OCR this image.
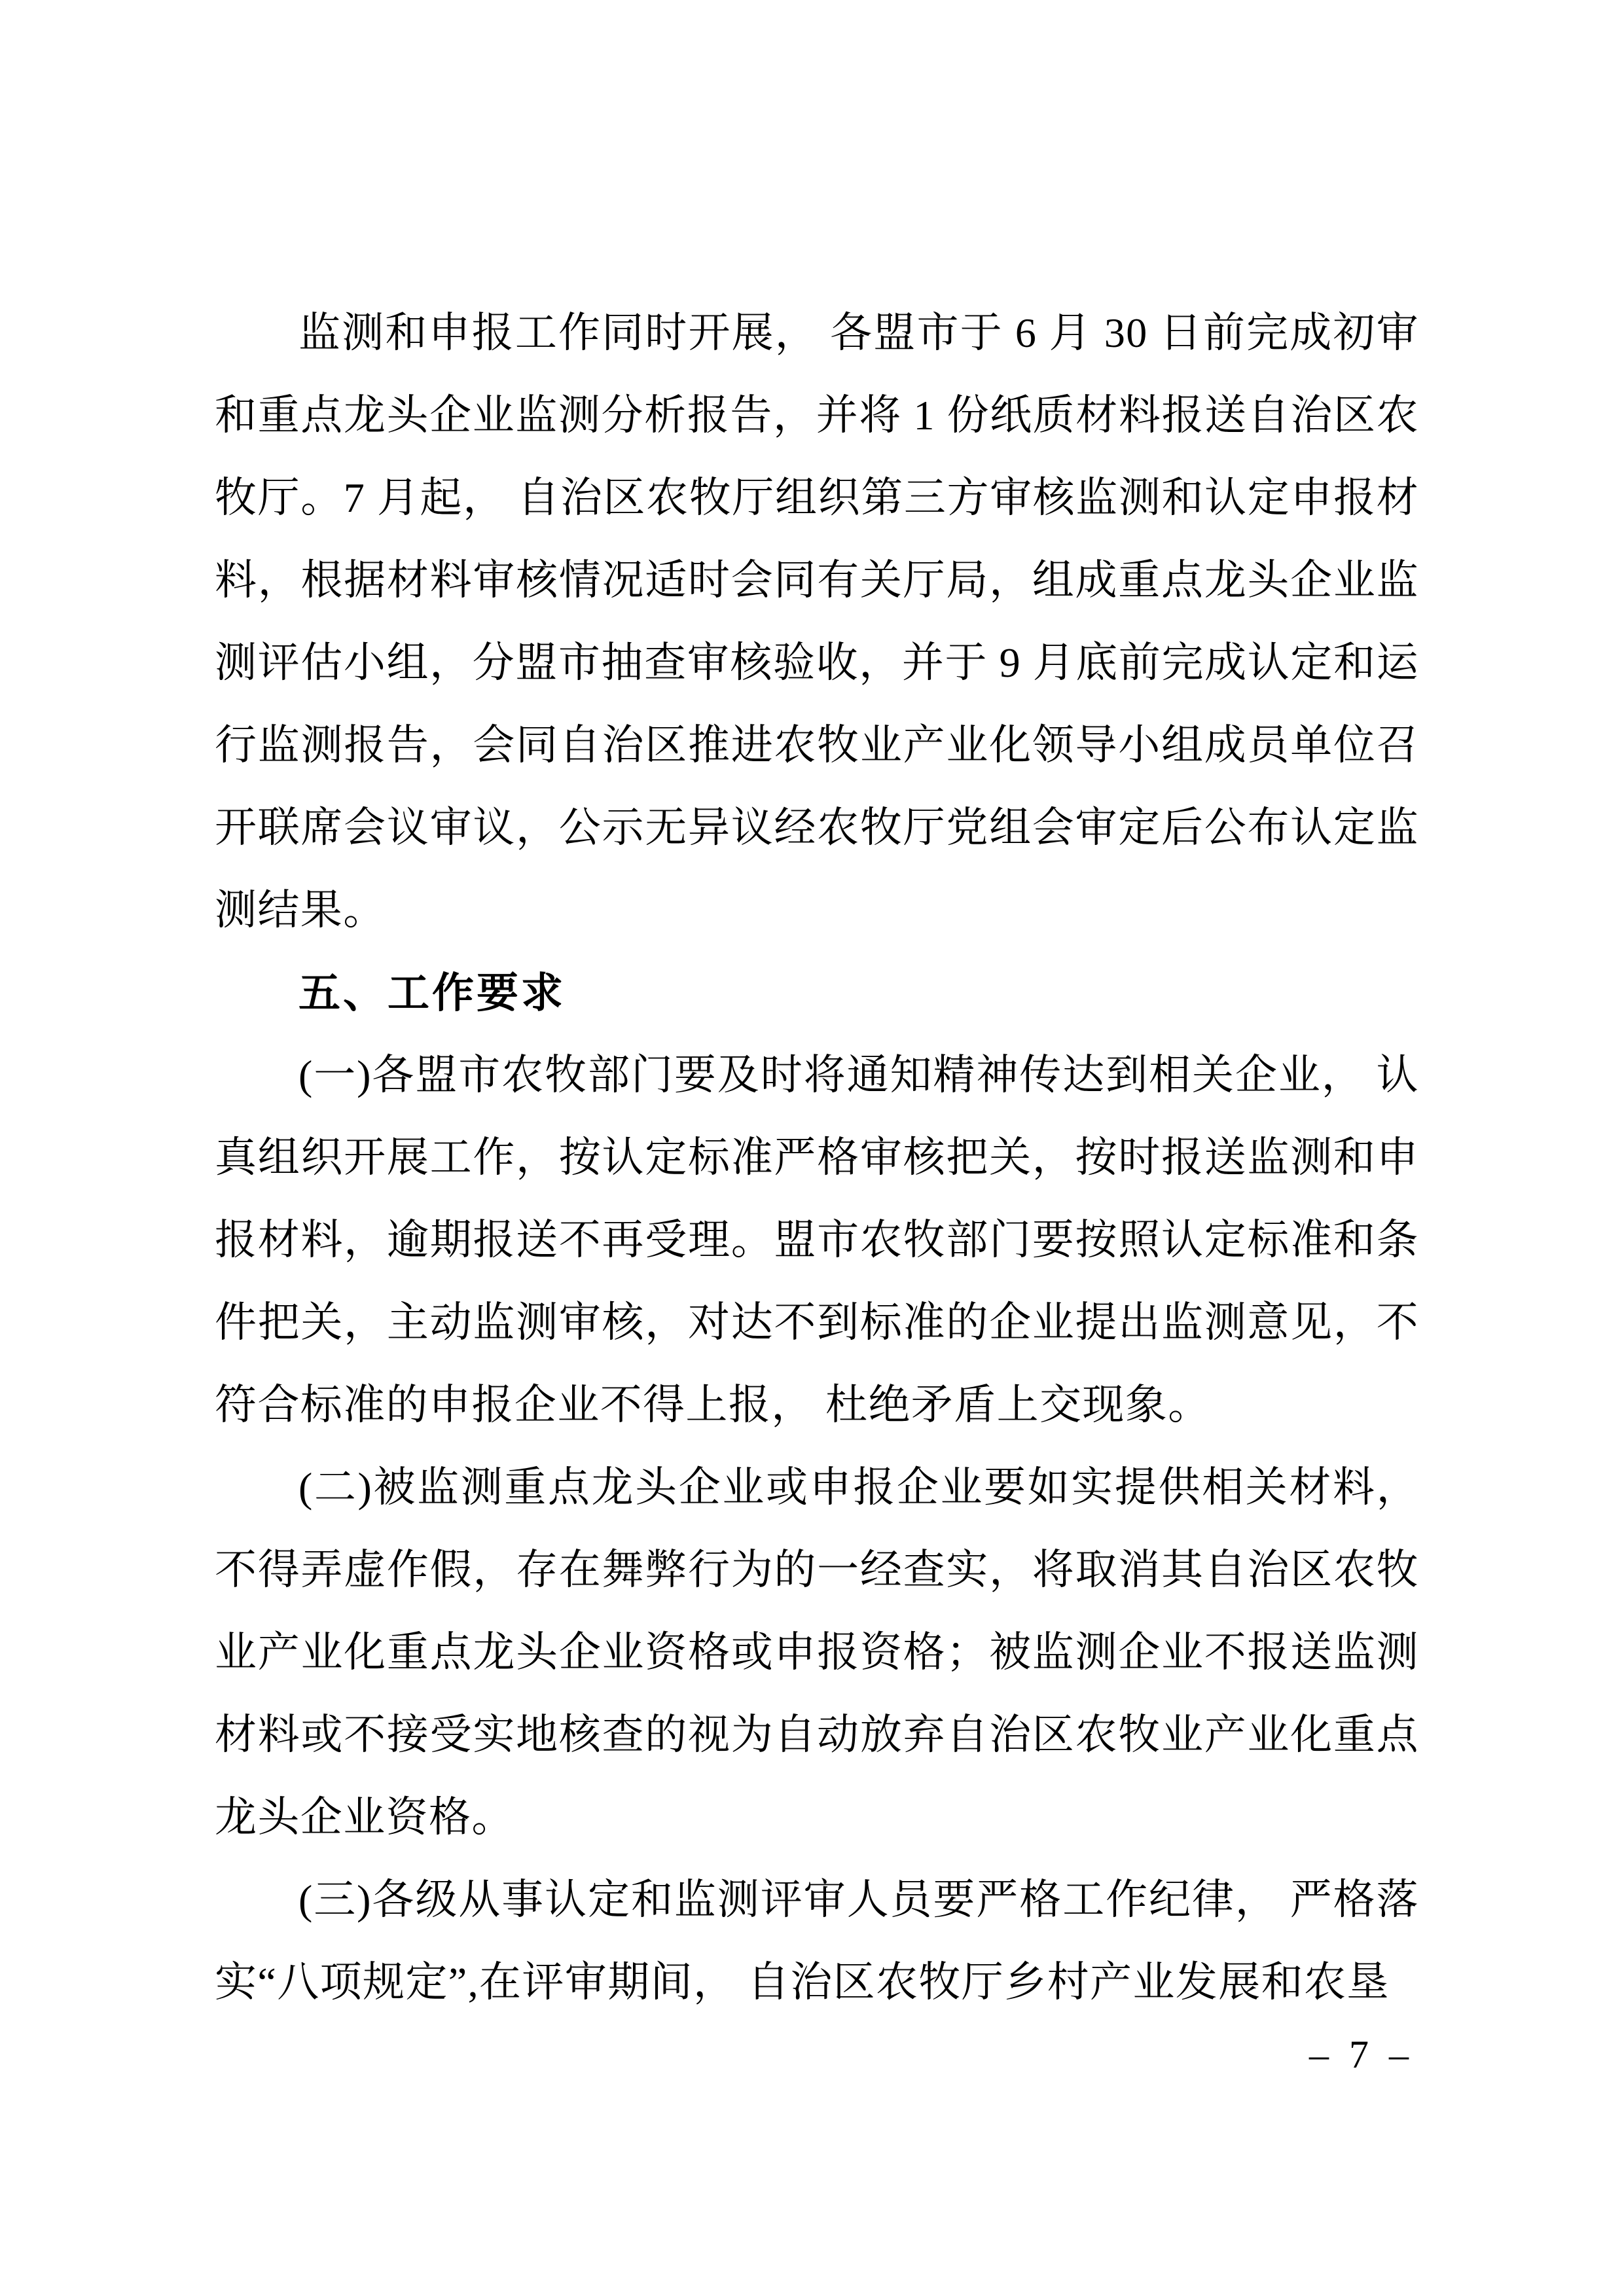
监测和申报工作同时开展， 各盟市于 6 月 30 日前完成初审和重点龙头企业监测分析报告，并将 1 份纸质材料报送自治区农牧厅。7 月起， 自治区农牧厅组织第三方审核监测和认定申报材料，根据材料审核情况适时会同有关厅局，组成重点龙头企业监测评估小组，分盟市抽查审核验收，并于 9 月底前完成认定和运行监测报告，会同自治区推进农牧业产业化领导小组成员单位召开联席会议审议，公示无异议经农牧厅党组会审定后公布认定监测结果。

五、工作要求

(一)各盟市农牧部门要及时将通知精神传达到相关企业， 认真组织开展工作，按认定标准严格审核把关，按时报送监测和申报材料，逾期报送不再受理。盟市农牧部门要按照认定标准和条件把关，主动监测审核，对达不到标准的企业提出监测意见，不符合标准的申报企业不得上报， 杜绝矛盾上交现象。

(二)被监测重点龙头企业或申报企业要如实提供相关材料，不得弄虚作假，存在舞弊行为的一经查实，将取消其自治区农牧业产业化重点龙头企业资格或申报资格；被监测企业不报送监测材料或不接受实地核查的视为自动放弃自治区农牧业产业化重点龙头企业资格。

(三)各级从事认定和监测评审人员要严格工作纪律， 严格落实“八项规定”,在评审期间， 自治区农牧厅乡村产业发展和农垦

– 7 –
